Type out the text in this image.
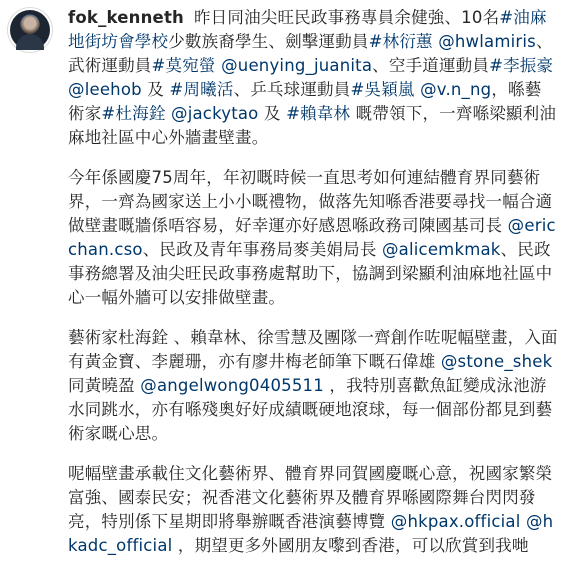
fok_kenneth 昨日同油尖旺民政事務專員余健強、10名#油麻地街坊會學校少數族裔學生、劍擊運動員#林衍蕙 @hwlamiris、武術運動員#莫宛螢 @uenying_juanita、空手道運動員#李振豪 @leehob 及 #周曦活、乒乓球運動員#吳穎嵐 @v.n_ng，喺藝術家#杜海銓 @jackytao 及 #賴韋林 嘅帶領下，一齊喺梁顯利油麻地社區中心外牆畫壁畫。
今年係國慶75周年，年初嘅時候一直思考如何連結體育界同藝術界，一齊為國家送上小小嘅禮物，做落先知喺香港要尋找一幅合適做壁畫嘅牆係唔容易，好幸運亦好感恩喺政務司陳國基司長 @ericchan.cso、民政及青年事務局麥美娟局長 @alicemkmak、民政事務總署及油尖旺民政事務處幫助下，協調到梁顯利油麻地社區中心一幅外牆可以安排做壁畫。
藝術家杜海銓 、賴韋林、徐雪慧及團隊一齊創作咗呢幅壁畫，入面有黃金寶、李麗珊，亦有廖井梅老師筆下嘅石偉雄 @stone_shek 同黃曉盈 @angelwong0405511 ，我特別喜歡魚缸變成泳池游水同跳水，亦有喺殘奧好好成績嘅硬地滾球，每一個部份都見到藝術家嘅心思。
呢幅壁畫承載住文化藝術界、體育界同賀國慶嘅心意，祝國家繁榮富強、國泰民安；祝香港文化藝術界及體育界喺國際舞台閃閃發亮，特別係下星期即將舉辦嘅香港演藝博覽 @hkpax.official @hkadc_official ，期望更多外國朋友嚟到香港，可以欣賞到我哋
